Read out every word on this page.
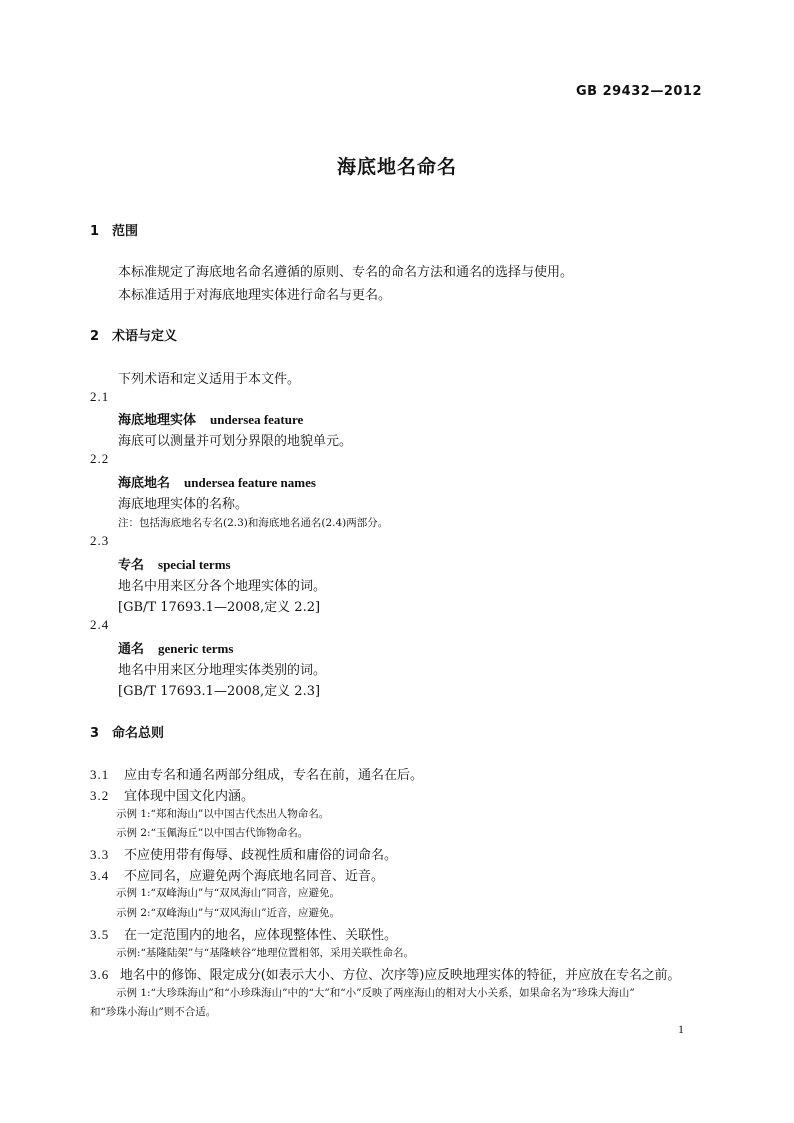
GB 29432—2012
海底地名命名
1 范围
本标准规定了海底地名命名遵循的原则、专名的命名方法和通名的选择与使用。
本标准适用于对海底地理实体进行命名与更名。
2 术语与定义
下列术语和定义适用于本文件。
2.1
海底地理实体 undersea feature
海底可以测量并可划分界限的地貌单元。
2.2
海底地名 undersea feature names
海底地理实体的名称。
注：包括海底地名专名(2.3)和海底地名通名(2.4)两部分。
2.3
专名 special terms
地名中用来区分各个地理实体的词。
[GB/T 17693.1—2008,定义 2.2]
2.4
通名 generic terms
地名中用来区分地理实体类别的词。
[GB/T 17693.1—2008,定义 2.3]
3 命名总则
3.1 应由专名和通名两部分组成，专名在前，通名在后。
3.2 宜体现中国文化内涵。
示例 1:“郑和海山”以中国古代杰出人物命名。
示例 2:“玉佩海丘”以中国古代饰物命名。
3.3 不应使用带有侮辱、歧视性质和庸俗的词命名。
3.4 不应同名，应避免两个海底地名同音、近音。
示例 1:“双峰海山”与“双凤海山”同音，应避免。
示例 2:“双峰海山”与“双风海山”近音，应避免。
3.5 在一定范围内的地名，应体现整体性、关联性。
示例:“基隆陆架”与“基隆峡谷”地理位置相邻，采用关联性命名。
3.6 地名中的修饰、限定成分(如表示大小、方位、次序等)应反映地理实体的特征，并应放在专名之前。
示例 1:“大珍珠海山”和“小珍珠海山”中的“大”和“小”反映了两座海山的相对大小关系，如果命名为“珍珠大海山”
和“珍珠小海山”则不合适。
1
